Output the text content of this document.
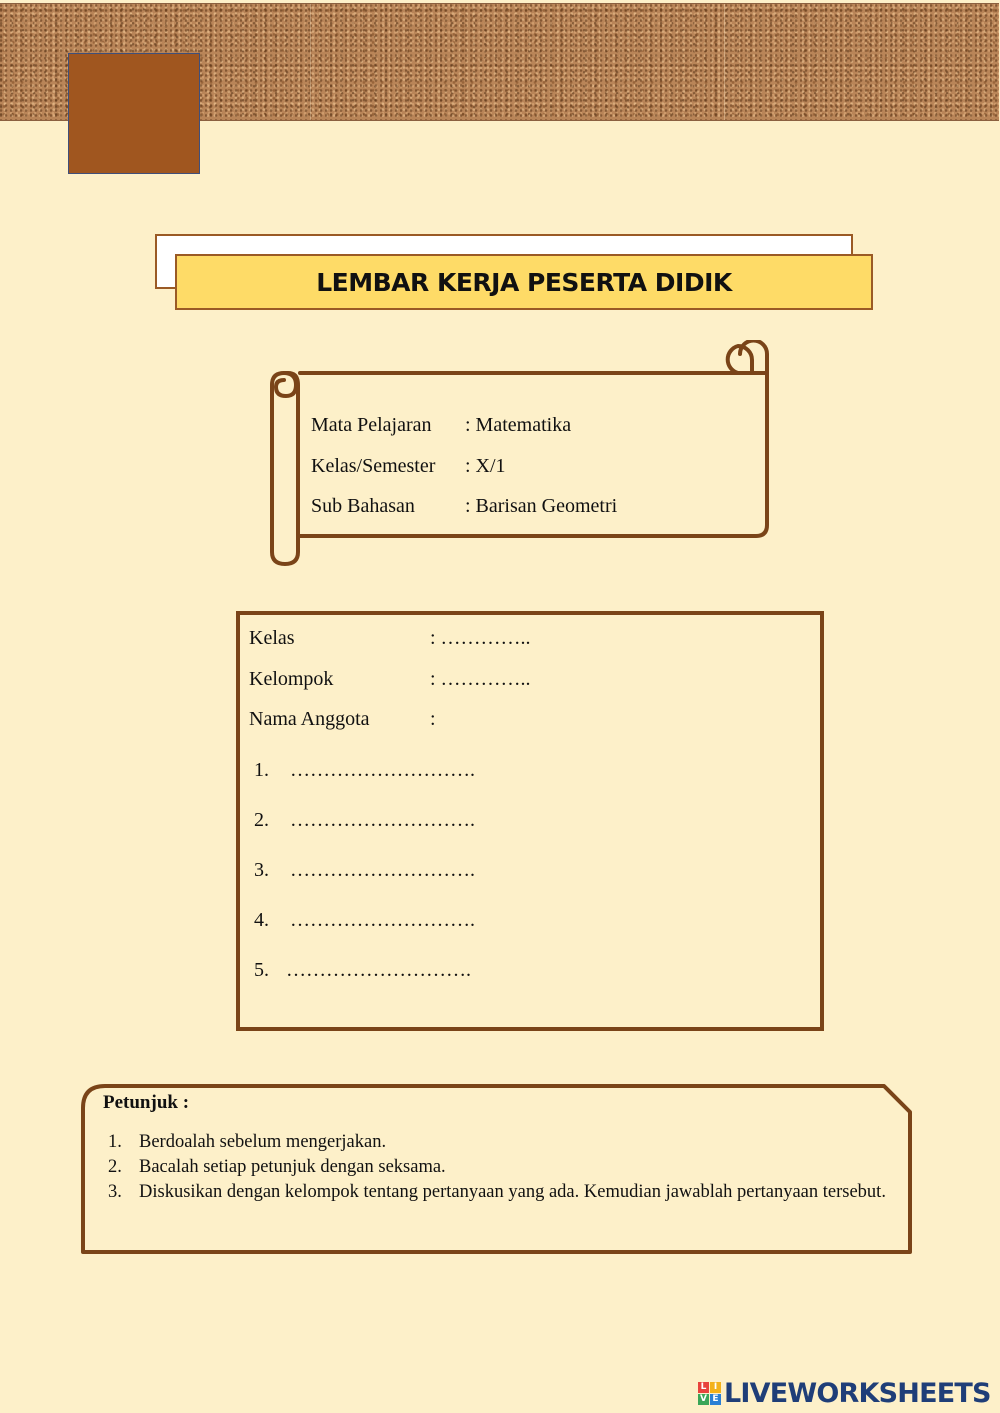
LEMBAR KERJA PESERTA DIDIK
Mata Pelajaran	: Matematika
Kelas/Semester	: X/1
Sub Bahasan	: Barisan Geometri
Kelas	: …………..
Kelompok	: …………..
Nama Anggota	:
1. ……………………….
2. ……………………….
3. ……………………….
4. ……………………….
5. ……………………….
Petunjuk :
1. Berdoalah sebelum mengerjakan.
2. Bacalah setiap petunjuk dengan seksama.
3. Diskusikan dengan kelompok tentang pertanyaan yang ada. Kemudian jawablah pertanyaan tersebut.
L I
V E LIVEWORKSHEETS
